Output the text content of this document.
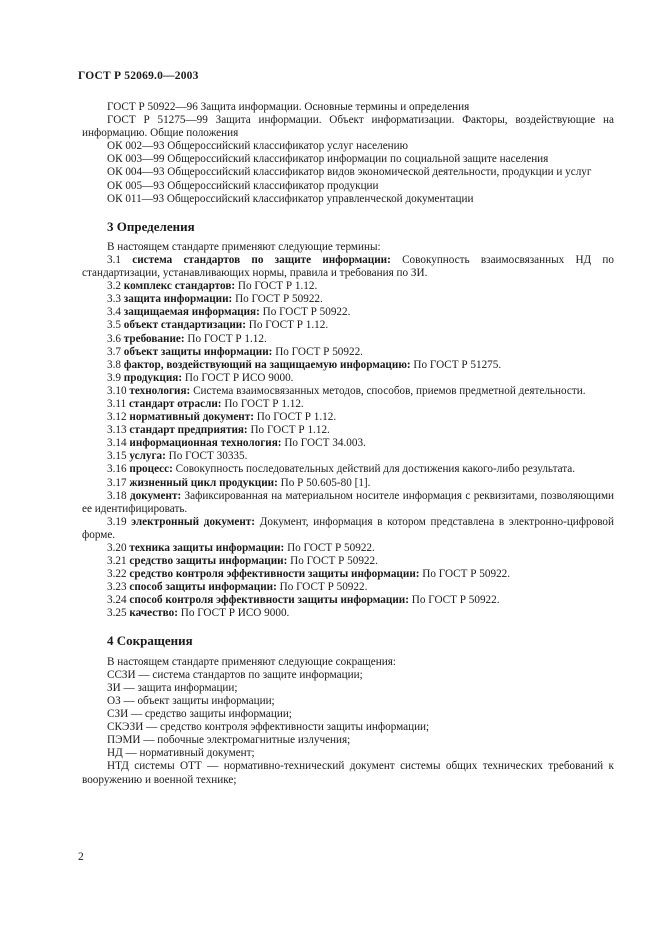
ГОСТ Р 52069.0—2003

ГОСТ Р 50922—96 Защита информации. Основные термины и определения

ГОСТ Р 51275—99 Защита информации. Объект информатизации. Факторы, воздействующие на информацию. Общие положения

ОК 002—93 Общероссийский классификатор услуг населению

ОК 003—99 Общероссийский классификатор информации по социальной защите населения

ОК 004—93 Общероссийский классификатор видов экономической деятельности, продукции и услуг

ОК 005—93 Общероссийский классификатор продукции

ОК 011—93 Общероссийский классификатор управленческой документации

3 Определения

В настоящем стандарте применяют следующие термины:

3.1 система стандартов по защите информации: Совокупность взаимосвязанных НД по стандартизации, устанавливающих нормы, правила и требования по ЗИ.

3.2 комплекс стандартов: По ГОСТ Р 1.12.

3.3 защита информации: По ГОСТ Р 50922.

3.4 защищаемая информация: По ГОСТ Р 50922.

3.5 объект стандартизации: По ГОСТ Р 1.12.

3.6 требование: По ГОСТ Р 1.12.

3.7 объект защиты информации: По ГОСТ Р 50922.

3.8 фактор, воздействующий на защищаемую информацию: По ГОСТ Р 51275.

3.9 продукция: По ГОСТ Р ИСО 9000.

3.10 технология: Система взаимосвязанных методов, способов, приемов предметной деятельности.

3.11 стандарт отрасли: По ГОСТ Р 1.12.

3.12 нормативный документ: По ГОСТ Р 1.12.

3.13 стандарт предприятия: По ГОСТ Р 1.12.

3.14 информационная технология: По ГОСТ 34.003.

3.15 услуга: По ГОСТ 30335.

3.16 процесс: Совокупность последовательных действий для достижения какого-либо результата.

3.17 жизненный цикл продукции: По Р 50.605-80 [1].

3.18 документ: Зафиксированная на материальном носителе информация с реквизитами, позволяющими ее идентифицировать.

3.19 электронный документ: Документ, информация в котором представлена в электронно-цифровой форме.

3.20 техника защиты информации: По ГОСТ Р 50922.

3.21 средство защиты информации: По ГОСТ Р 50922.

3.22 средство контроля эффективности защиты информации: По ГОСТ Р 50922.

3.23 способ защиты информации: По ГОСТ Р 50922.

3.24 способ контроля эффективности защиты информации: По ГОСТ Р 50922.

3.25 качество: По ГОСТ Р ИСО 9000.

4 Сокращения

В настоящем стандарте применяют следующие сокращения:

ССЗИ — система стандартов по защите информации;

ЗИ — защита информации;

ОЗ — объект защиты информации;

СЗИ — средство защиты информации;

СКЭЗИ — средство контроля эффективности защиты информации;

ПЭМИ — побочные электромагнитные излучения;

НД — нормативный документ;

НТД системы ОТТ — нормативно-технический документ системы общих технических требований к вооружению и военной технике;

2
